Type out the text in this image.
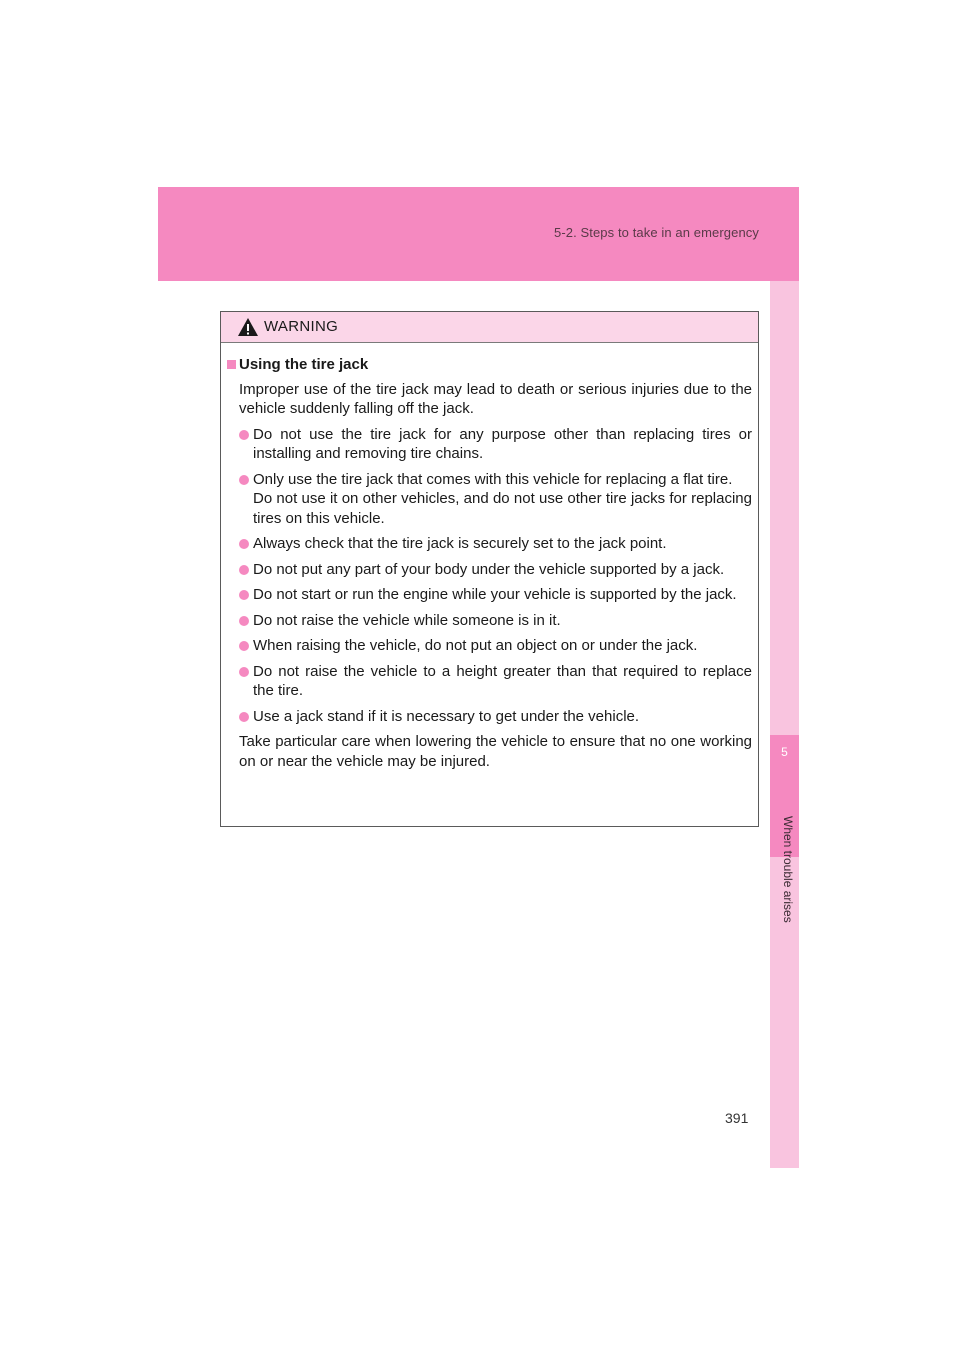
5-2. Steps to take in an emergency
5
When trouble arises
WARNING
Using the tire jack
Improper use of the tire jack may lead to death or serious injuries due to the vehicle suddenly falling off the jack.
Do not use the tire jack for any purpose other than replacing tires or installing and removing tire chains.
Only use the tire jack that comes with this vehicle for replacing a flat tire.
Do not use it on other vehicles, and do not use other tire jacks for replacing tires on this vehicle.
Always check that the tire jack is securely set to the jack point.
Do not put any part of your body under the vehicle supported by a jack.
Do not start or run the engine while your vehicle is supported by the jack.
Do not raise the vehicle while someone is in it.
When raising the vehicle, do not put an object on or under the jack.
Do not raise the vehicle to a height greater than that required to replace the tire.
Use a jack stand if it is necessary to get under the vehicle.
Take particular care when lowering the vehicle to ensure that no one working on or near the vehicle may be injured.
391
